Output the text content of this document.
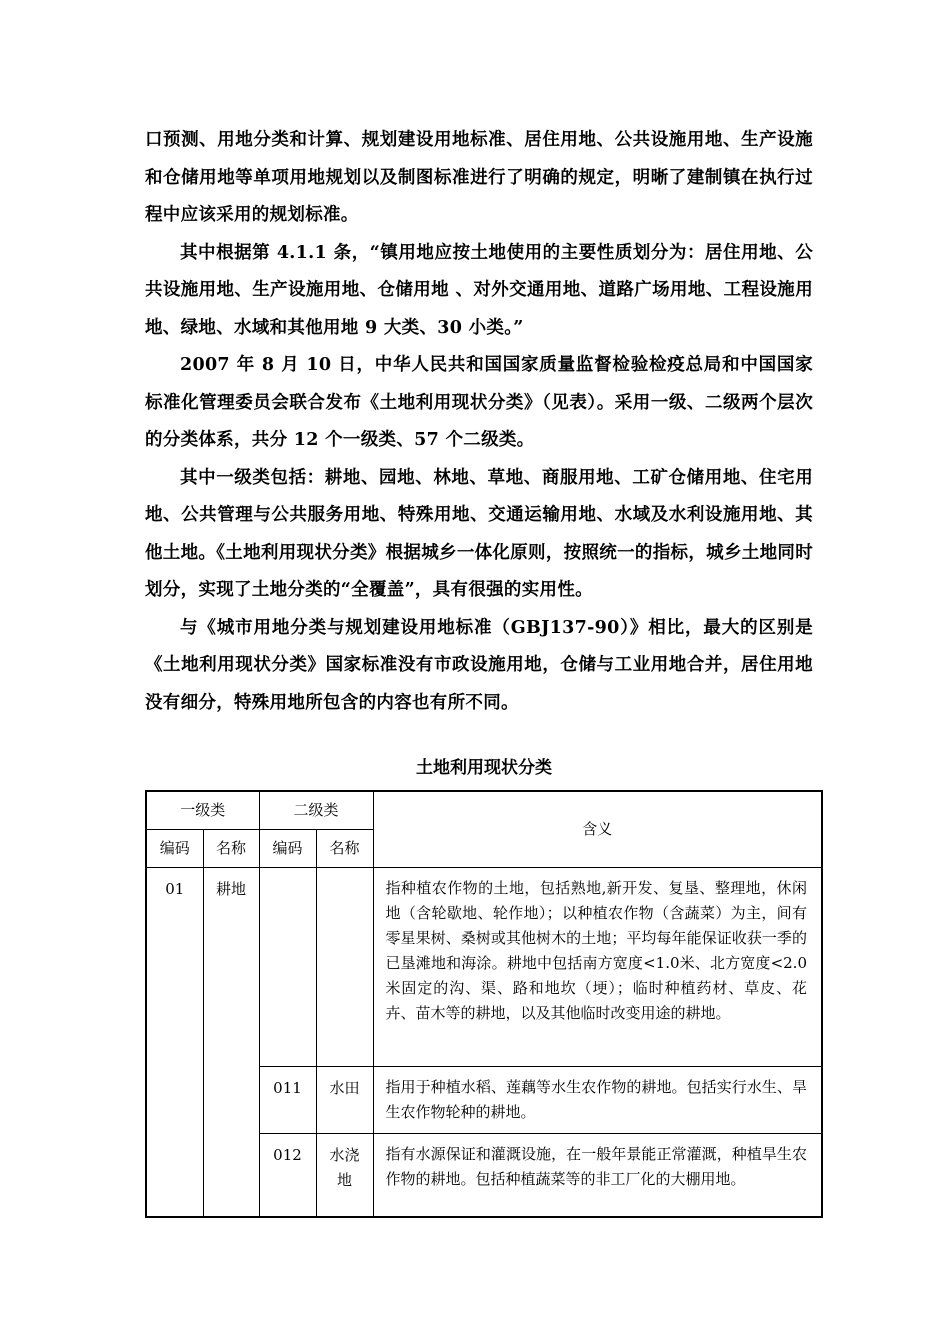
口预测、用地分类和计算、规划建设用地标准、居住用地、公共设施用地、生产设施和仓储用地等单项用地规划以及制图标准进行了明确的规定，明晰了建制镇在执行过程中应该采用的规划标准。

其中根据第 4.1.1 条，“镇用地应按土地使用的主要性质划分为：居住用地、公共设施用地、生产设施用地、仓储用地 、对外交通用地、道路广场用地、工程设施用地、绿地、水域和其他用地 9 大类、30 小类。”

2007 年 8 月 10 日，中华人民共和国国家质量监督检验检疫总局和中国国家标准化管理委员会联合发布《土地利用现状分类》（见表）。采用一级、二级两个层次的分类体系，共分 12 个一级类、57 个二级类。

其中一级类包括：耕地、园地、林地、草地、商服用地、工矿仓储用地、住宅用地、公共管理与公共服务用地、特殊用地、交通运输用地、水域及水利设施用地、其他土地。《土地利用现状分类》根据城乡一体化原则，按照统一的指标，城乡土地同时划分，实现了土地分类的“全覆盖”，具有很强的实用性。

与《城市用地分类与规划建设用地标准（GBJ137-90）》相比，最大的区别是《土地利用现状分类》国家标准没有市政设施用地，仓储与工业用地合并，居住用地没有细分，特殊用地所包含的内容也有所不同。

土地利用现状分类
一级类		二级类		含义
编码	名称	编码	名称	
01	耕地			指种植农作物的土地，包括熟地,新开发、复垦、整理地，休闲地（含轮歇地、轮作地）；以种植农作物（含蔬菜）为主，间有零星果树、桑树或其他树木的土地；平均每年能保证收获一季的已垦滩地和海涂。耕地中包括南方宽度<1.0米、北方宽度<2.0米固定的沟、渠、路和地坎（埂）；临时种植药材、草皮、花卉、苗木等的耕地，以及其他临时改变用途的耕地。
		011	水田	指用于种植水稻、莲藕等水生农作物的耕地。包括实行水生、旱生农作物轮种的耕地。
		012	水浇地	指有水源保证和灌溉设施，在一般年景能正常灌溉，种植旱生农作物的耕地。包括种植蔬菜等的非工厂化的大棚用地。
